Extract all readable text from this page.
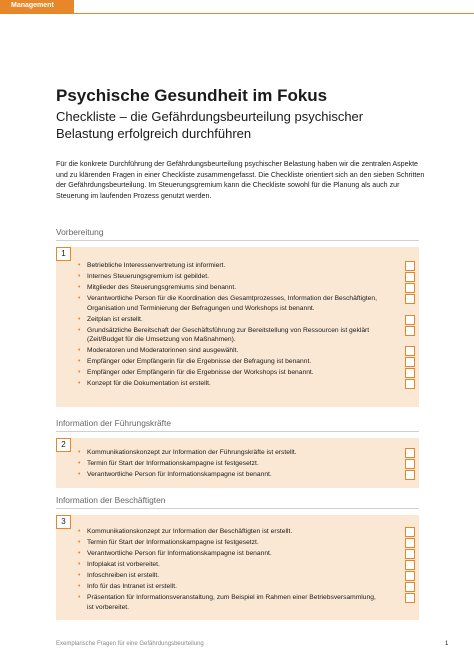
Management
Psychische Gesundheit im Fokus
Checkliste – die Gefährdungsbeurteilung psychischer Belastung erfolgreich durchführen
Für die konkrete Durchführung der Gefährdungsbeurteilung psychischer Belastung haben wir die zentralen Aspekte und zu klärenden Fragen in einer Checkliste zusammengefasst. Die Checkliste orientiert sich an den sieben Schritten der Gefährdungsbeurteilung. Im Steuerungsgremium kann die Checkliste sowohl für die Planung als auch zur Steuerung im laufenden Prozess genutzt werden.
Vorbereitung
1
• Betriebliche Interessenvertretung ist informiert.
• Internes Steuerungsgremium ist gebildet.
• Mitglieder des Steuerungsgremiums sind benannt.
• Verantwortliche Person für die Koordination des Gesamtprozesses, Information der Beschäftigten, Organisation und Terminierung der Befragungen und Workshops ist benannt.
• Zeitplan ist erstellt.
• Grundsätzliche Bereitschaft der Geschäftsführung zur Bereitstellung von Ressourcen ist geklärt (Zeit/Budget für die Umsetzung von Maßnahmen).
• Moderatoren und Moderatorinnen sind ausgewählt.
• Empfänger oder Empfängerin für die Ergebnisse der Befragung ist benannt.
• Empfänger oder Empfängerin für die Ergebnisse der Workshops ist benannt.
• Konzept für die Dokumentation ist erstellt.
Information der Führungskräfte
2
• Kommunikationskonzept zur Information der Führungskräfte ist erstellt.
• Termin für Start der Informationskampagne ist festgesetzt.
• Verantwortliche Person für Informationskampagne ist benannt.
Information der Beschäftigten
3
• Kommunikationskonzept zur Information der Beschäftigten ist erstellt.
• Termin für Start der Informationskampagne ist festgesetzt.
• Verantwortliche Person für Informationskampagne ist benannt.
• Infoplakat ist vorbereitet.
• Infoschreiben ist erstellt.
• Info für das Intranet ist erstellt.
• Präsentation für Informationsveranstaltung, zum Beispiel im Rahmen einer Betriebsversammlung, ist vorbereitet.
Exemplarische Fragen für eine Gefährdungsbeurteilung	1
